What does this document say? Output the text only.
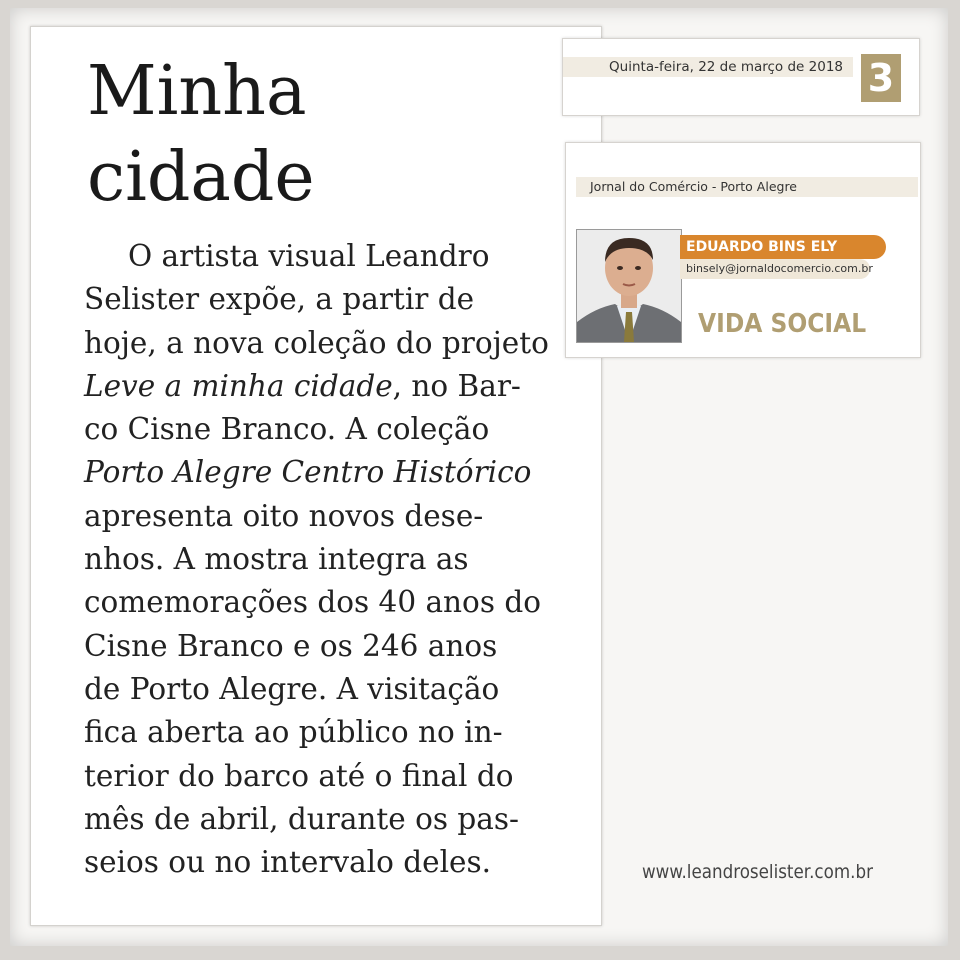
Minha
cidade
O artista visual Leandro
Selister expõe, a partir de
hoje, a nova coleção do projeto
Leve a minha cidade, no Bar-
co Cisne Branco. A coleção
Porto Alegre Centro Histórico
apresenta oito novos dese-
nhos. A mostra integra as
comemorações dos 40 anos do
Cisne Branco e os 246 anos
de Porto Alegre. A visitação
fica aberta ao público no in-
terior do barco até o final do
mês de abril, durante os pas-
seios ou no intervalo deles.
Quinta-feira, 22 de março de 2018 3
Jornal do Comércio - Porto Alegre
EDUARDO BINS ELY
binsely@jornaldocomercio.com.br
VIDA SOCIAL
www.leandroselister.com.br
